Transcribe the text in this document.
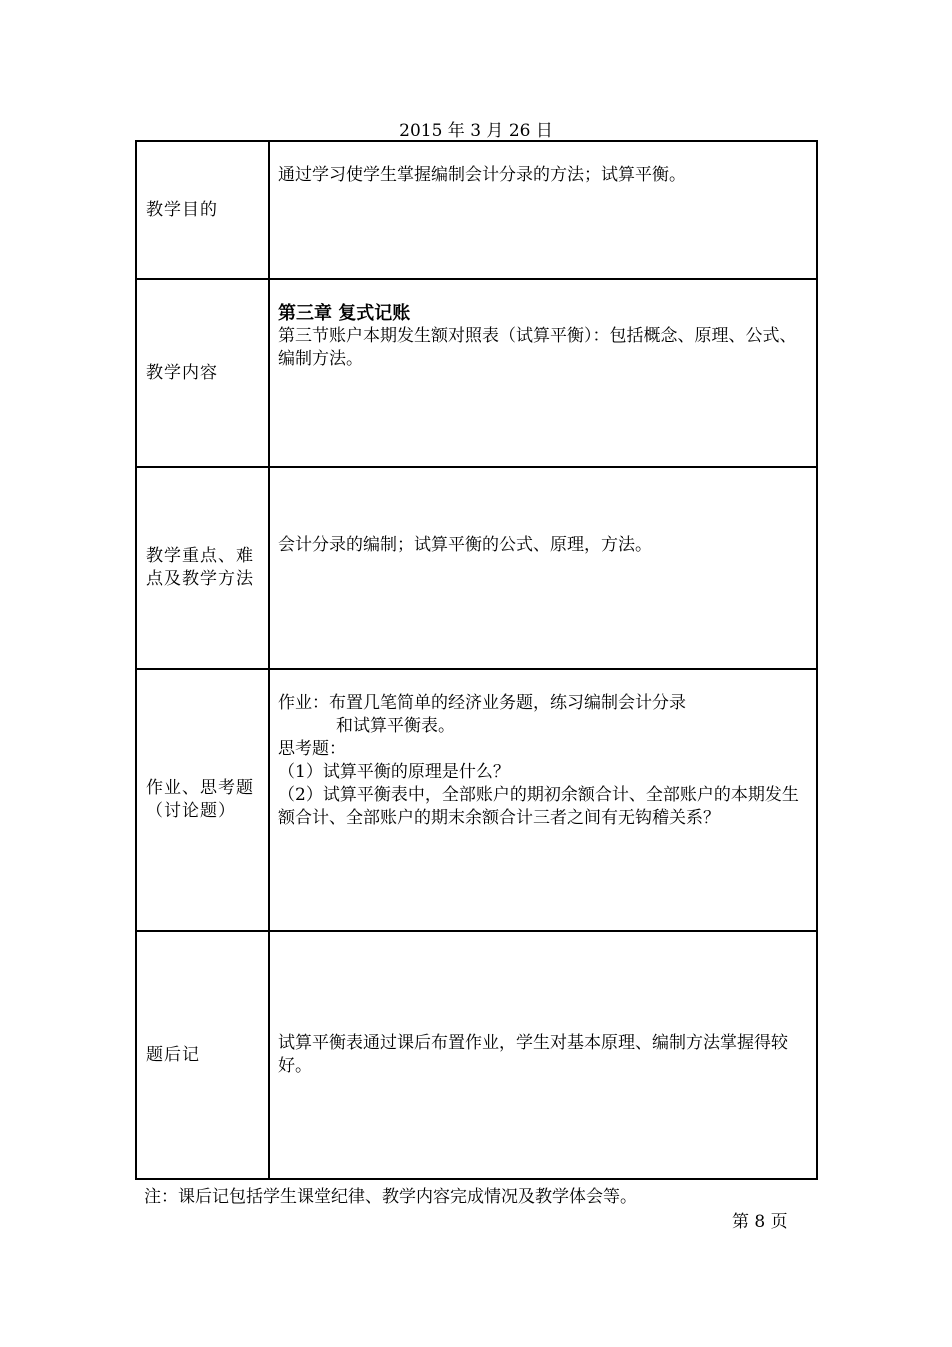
2015 年 3 月 26 日
教学目的	通过学习使学生掌握编制会计分录的方法；试算平衡。

教学内容	第三章 复式记账
第三节账户本期发生额对照表（试算平衡）：包括概念、原理、公式、编制方法。

教学重点、难点及教学方法	会计分录的编制；试算平衡的公式、原理，方法。

作业、思考题（讨论题）	作业：布置几笔简单的经济业务题，练习编制会计分录
和试算平衡表。
思考题：
（1）试算平衡的原理是什么？
（2）试算平衡表中，全部账户的期初余额合计、全部账户的本期发生额合计、全部账户的期末余额合计三者之间有无钩稽关系？

题后记	试算平衡表通过课后布置作业，学生对基本原理、编制方法掌握得较好。
注：课后记包括学生课堂纪律、教学内容完成情况及教学体会等。
第 8 页
